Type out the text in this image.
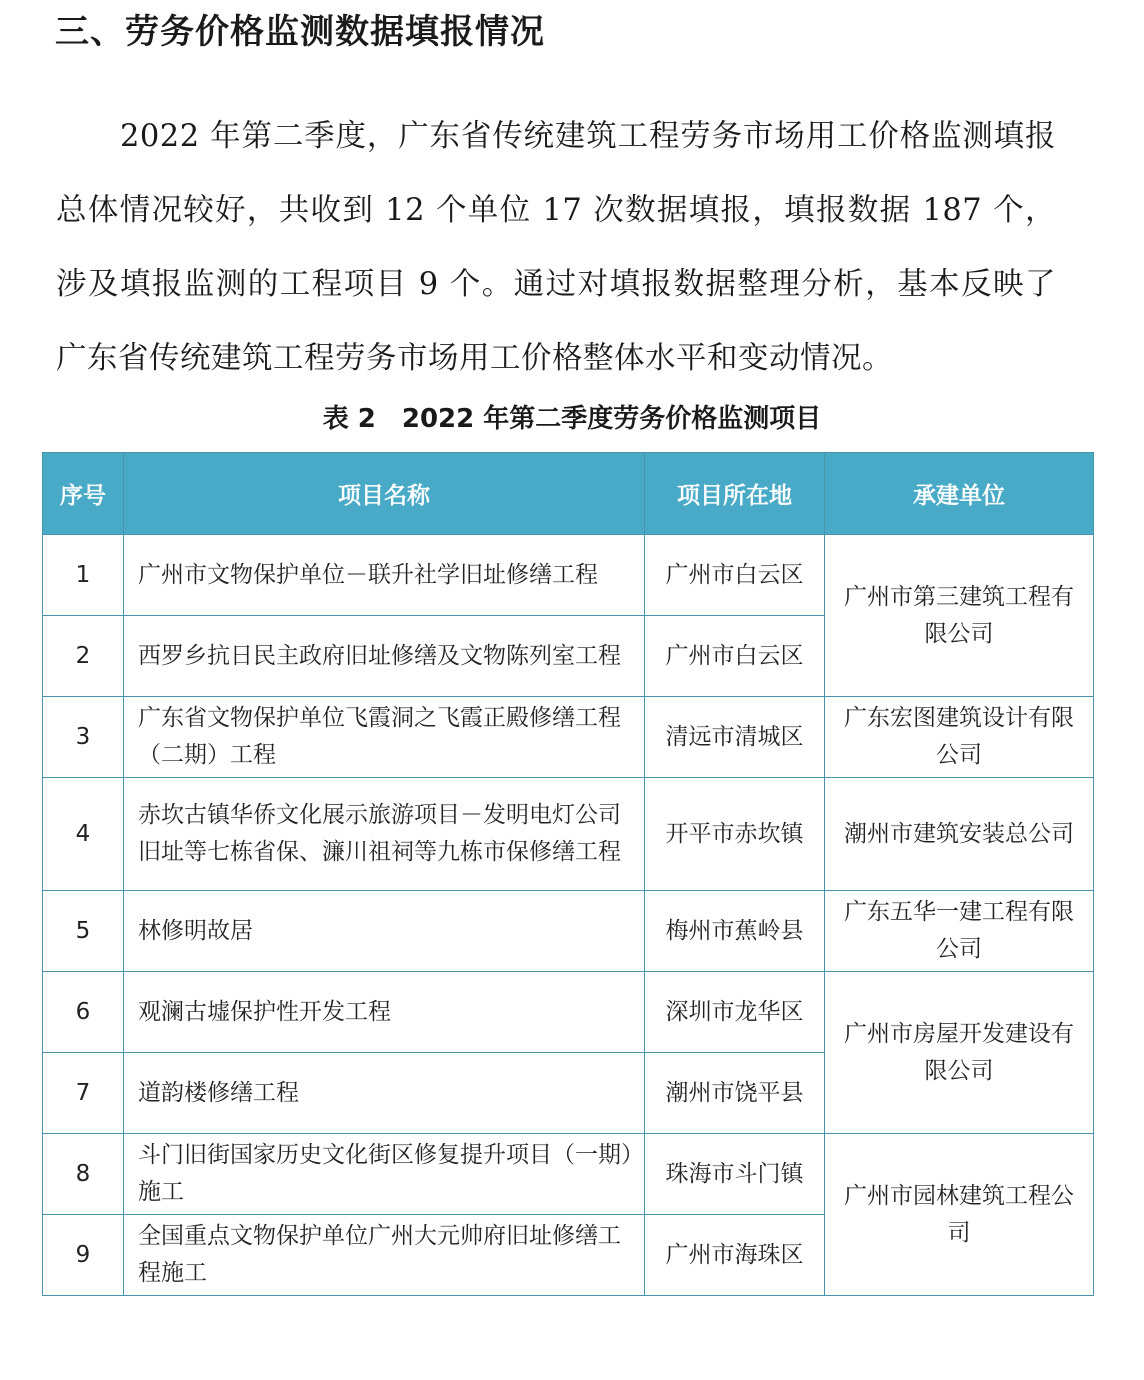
三、劳务价格监测数据填报情况

2022 年第二季度，广东省传统建筑工程劳务市场用工价格监测填报总体情况较好，共收到 12 个单位 17 次数据填报，填报数据 187 个，涉及填报监测的工程项目 9 个。通过对填报数据整理分析，基本反映了广东省传统建筑工程劳务市场用工价格整体水平和变动情况。

表 2 2022 年第二季度劳务价格监测项目
序号	项目名称	项目所在地	承建单位
1	广州市文物保护单位－联升社学旧址修缮工程	广州市白云区	广州市第三建筑工程有限公司
2	西罗乡抗日民主政府旧址修缮及文物陈列室工程	广州市白云区	
3	广东省文物保护单位飞霞洞之飞霞正殿修缮工程（二期）工程	清远市清城区	广东宏图建筑设计有限公司
4	赤坎古镇华侨文化展示旅游项目－发明电灯公司旧址等七栋省保、濂川祖祠等九栋市保修缮工程	开平市赤坎镇	潮州市建筑安装总公司
5	林修明故居	梅州市蕉岭县	广东五华一建工程有限公司
6	观澜古墟保护性开发工程	深圳市龙华区	广州市房屋开发建设有限公司
7	道韵楼修缮工程	潮州市饶平县	
8	斗门旧街国家历史文化街区修复提升项目（一期）施工	珠海市斗门镇	广州市园林建筑工程公司
9	全国重点文物保护单位广州大元帅府旧址修缮工程施工	广州市海珠区	
